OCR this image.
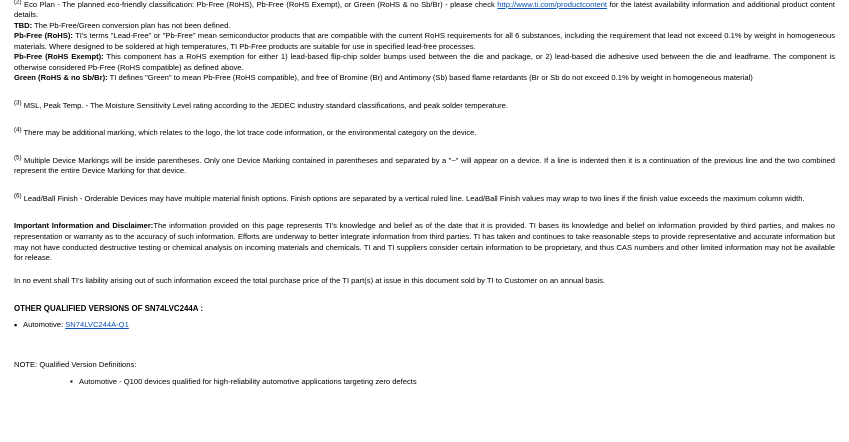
$^{(2)}$ Eco Plan - The planned eco-friendly classification: Pb-Free (RoHS), Pb-Free (RoHS Exempt), or Green (RoHS & no Sb/Br) - please check http://www.ti.com/productcontent for the latest availability information and additional product content details.

TBD: The Pb-Free/Green conversion plan has not been defined.

Pb-Free (RoHS): TI's terms "Lead-Free" or "Pb-Free" mean semiconductor products that are compatible with the current RoHS requirements for all 6 substances, including the requirement that lead not exceed 0.1% by weight in homogeneous materials. Where designed to be soldered at high temperatures, TI Pb-Free products are suitable for use in specified lead-free processes.

Pb-Free (RoHS Exempt): This component has a RoHS exemption for either 1) lead-based flip-chip solder bumps used between the die and package, or 2) lead-based die adhesive used between the die and leadframe. The component is otherwise considered Pb-Free (RoHS compatible) as defined above.

Green (RoHS & no Sb/Br): TI defines "Green" to mean Pb-Free (RoHS compatible), and free of Bromine (Br) and Antimony (Sb) based flame retardants (Br or Sb do not exceed 0.1% by weight in homogeneous material)

$^{(3)}$ MSL, Peak Temp. - The Moisture Sensitivity Level rating according to the JEDEC industry standard classifications, and peak solder temperature.

$^{(4)}$ There may be additional marking, which relates to the logo, the lot trace code information, or the environmental category on the device.

$^{(5)}$ Multiple Device Markings will be inside parentheses. Only one Device Marking contained in parentheses and separated by a "~" will appear on a device. If a line is indented then it is a continuation of the previous line and the two combined represent the entire Device Marking for that device.

$^{(6)}$ Lead/Ball Finish - Orderable Devices may have multiple material finish options. Finish options are separated by a vertical ruled line. Lead/Ball Finish values may wrap to two lines if the finish value exceeds the maximum column width.

Important Information and Disclaimer:The information provided on this page represents TI's knowledge and belief as of the date that it is provided. TI bases its knowledge and belief on information provided by third parties, and makes no representation or warranty as to the accuracy of such information. Efforts are underway to better integrate information from third parties. TI has taken and continues to take reasonable steps to provide representative and accurate information but may not have conducted destructive testing or chemical analysis on incoming materials and chemicals. TI and TI suppliers consider certain information to be proprietary, and thus CAS numbers and other limited information may not be available for release.

In no event shall TI's liability arising out of such information exceed the total purchase price of the TI part(s) at issue in this document sold by TI to Customer on an annual basis.

OTHER QUALIFIED VERSIONS OF SN74LVC244A :

▪ Automotive: SN74LVC244A-Q1

NOTE: Qualified Version Definitions:

▪ Automotive - Q100 devices qualified for high-reliability automotive applications targeting zero defects
